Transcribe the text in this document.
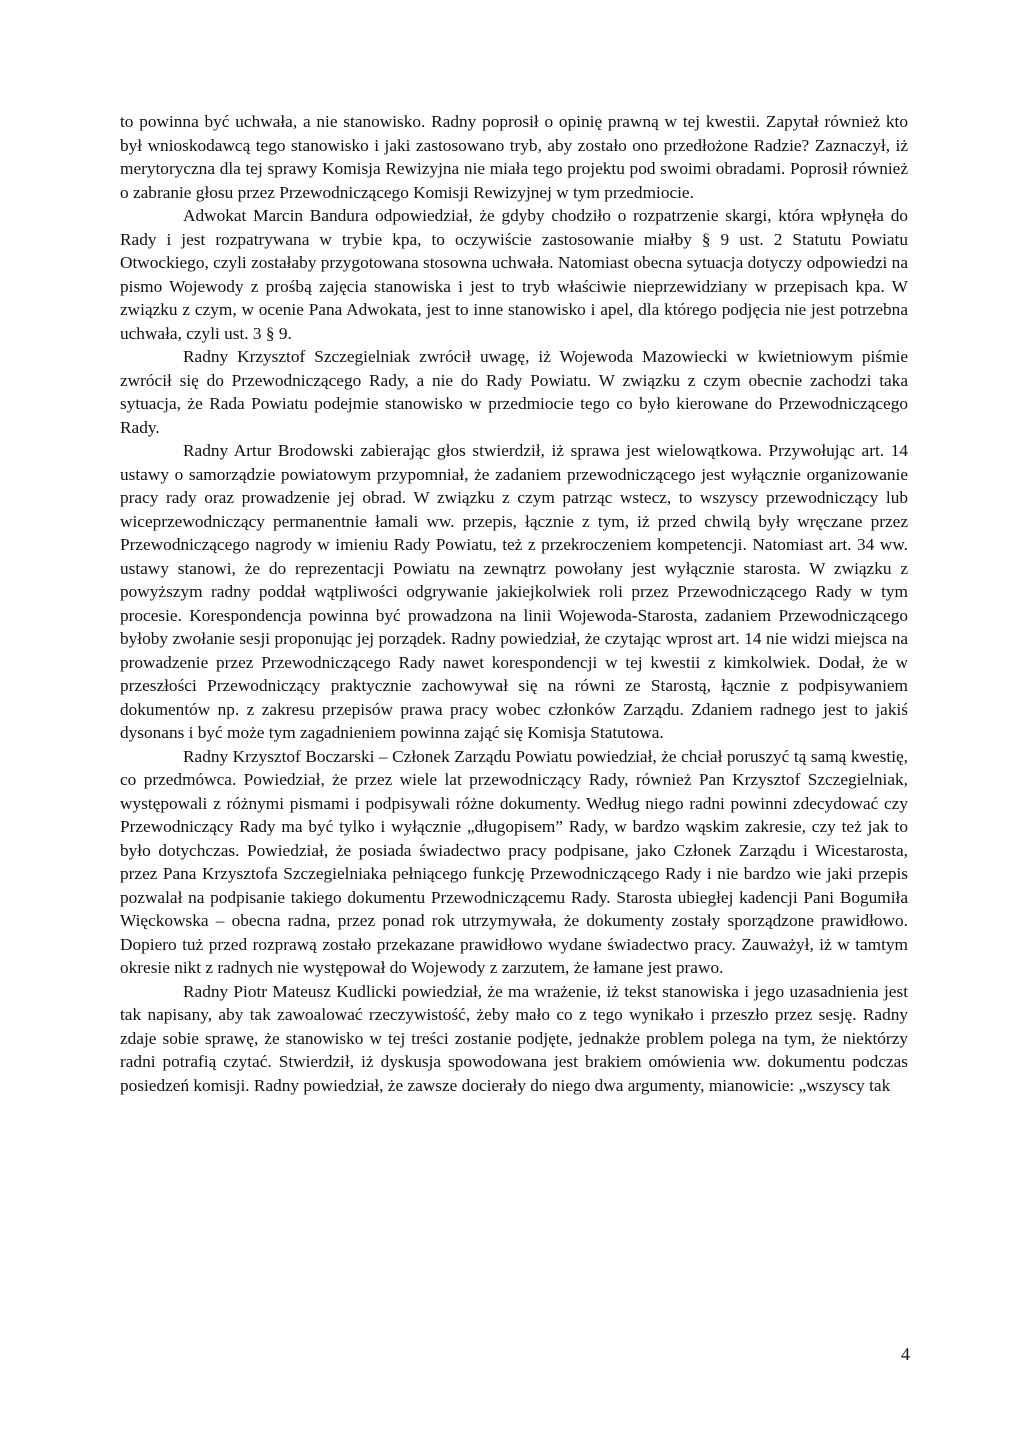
to powinna być uchwała, a nie stanowisko. Radny poprosił o opinię prawną w tej kwestii. Zapytał również kto był wnioskodawcą tego stanowisko i jaki zastosowano tryb, aby zostało ono przedłożone Radzie? Zaznaczył, iż merytoryczna dla tej sprawy Komisja Rewizyjna nie miała tego projektu pod swoimi obradami. Poprosił również o zabranie głosu przez Przewodniczącego Komisji Rewizyjnej w tym przedmiocie.

Adwokat Marcin Bandura odpowiedział, że gdyby chodziło o rozpatrzenie skargi, która wpłynęła do Rady i jest rozpatrywana w trybie kpa, to oczywiście zastosowanie miałby § 9 ust. 2 Statutu Powiatu Otwockiego, czyli zostałaby przygotowana stosowna uchwała. Natomiast obecna sytuacja dotyczy odpowiedzi na pismo Wojewody z prośbą zajęcia stanowiska i jest to tryb właściwie nieprzewidziany w przepisach kpa. W związku z czym, w ocenie Pana Adwokata, jest to inne stanowisko i apel, dla którego podjęcia nie jest potrzebna uchwała, czyli ust. 3 § 9.

Radny Krzysztof Szczegielniak zwrócił uwagę, iż Wojewoda Mazowiecki w kwietniowym piśmie zwrócił się do Przewodniczącego Rady, a nie do Rady Powiatu. W związku z czym obecnie zachodzi taka sytuacja, że Rada Powiatu podejmie stanowisko w przedmiocie tego co było kierowane do Przewodniczącego Rady.

Radny Artur Brodowski zabierając głos stwierdził, iż sprawa jest wielowątkowa. Przywołując art. 14 ustawy o samorządzie powiatowym przypomniał, że zadaniem przewodniczącego jest wyłącznie organizowanie pracy rady oraz prowadzenie jej obrad. W związku z czym patrząc wstecz, to wszyscy przewodniczący lub wiceprzewodniczący permanentnie łamali ww. przepis, łącznie z tym, iż przed chwilą były wręczane przez Przewodniczącego nagrody w imieniu Rady Powiatu, też z przekroczeniem kompetencji. Natomiast art. 34 ww. ustawy stanowi, że do reprezentacji Powiatu na zewnątrz powołany jest wyłącznie starosta. W związku z powyższym radny poddał wątpliwości odgrywanie jakiejkolwiek roli przez Przewodniczącego Rady w tym procesie. Korespondencja powinna być prowadzona na linii Wojewoda-Starosta, zadaniem Przewodniczącego byłoby zwołanie sesji proponując jej porządek. Radny powiedział, że czytając wprost art. 14 nie widzi miejsca na prowadzenie przez Przewodniczącego Rady nawet korespondencji w tej kwestii z kimkolwiek. Dodał, że w przeszłości Przewodniczący praktycznie zachowywał się na równi ze Starostą, łącznie z podpisywaniem dokumentów np. z zakresu przepisów prawa pracy wobec członków Zarządu. Zdaniem radnego jest to jakiś dysonans i być może tym zagadnieniem powinna zająć się Komisja Statutowa.

Radny Krzysztof Boczarski – Członek Zarządu Powiatu powiedział, że chciał poruszyć tą samą kwestię, co przedmówca. Powiedział, że przez wiele lat przewodniczący Rady, również Pan Krzysztof Szczegielniak, występowali z różnymi pismami i podpisywali różne dokumenty. Według niego radni powinni zdecydować czy Przewodniczący Rady ma być tylko i wyłącznie „długopisem” Rady, w bardzo wąskim zakresie, czy też jak to było dotychczas. Powiedział, że posiada świadectwo pracy podpisane, jako Członek Zarządu i Wicestarosta, przez Pana Krzysztofa Szczegielniaka pełniącego funkcję Przewodniczącego Rady i nie bardzo wie jaki przepis pozwalał na podpisanie takiego dokumentu Przewodniczącemu Rady. Starosta ubiegłej kadencji Pani Bogumiła Więckowska – obecna radna, przez ponad rok utrzymywała, że dokumenty zostały sporządzone prawidłowo. Dopiero tuż przed rozprawą zostało przekazane prawidłowo wydane świadectwo pracy. Zauważył, iż w tamtym okresie nikt z radnych nie występował do Wojewody z zarzutem, że łamane jest prawo.

Radny Piotr Mateusz Kudlicki powiedział, że ma wrażenie, iż tekst stanowiska i jego uzasadnienia jest tak napisany, aby tak zawoalować rzeczywistość, żeby mało co z tego wynikało i przeszło przez sesję. Radny zdaje sobie sprawę, że stanowisko w tej treści zostanie podjęte, jednakże problem polega na tym, że niektórzy radni potrafią czytać. Stwierdził, iż dyskusja spowodowana jest brakiem omówienia ww. dokumentu podczas posiedzeń komisji. Radny powiedział, że zawsze docierały do niego dwa argumenty, mianowicie: „wszyscy tak

4
